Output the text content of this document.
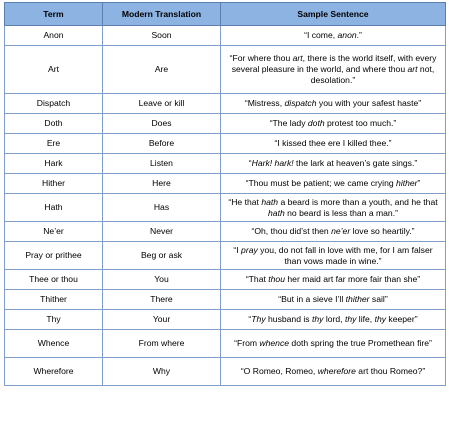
Term	Modern Translation	Sample Sentence
Anon	Soon	“I come, anon.”
Art	Are	“For where thou art, there is the world itself, with every several pleasure in the world, and where thou art not, desolation.”
Dispatch	Leave or kill	“Mistress, dispatch you with your safest haste”
Doth	Does	“The lady doth protest too much.”
Ere	Before	“I kissed thee ere I killed thee.”
Hark	Listen	“Hark! hark! the lark at heaven’s gate sings.”
Hither	Here	“Thou must be patient; we came crying hither”
Hath	Has	“He that hath a beard is more than a youth, and he that hath no beard is less than a man.”
Ne’er	Never	“Oh, thou did’st then ne’er love so heartily.”
Pray or prithee	Beg or ask	“I pray you, do not fall in love with me, for I am falser than vows made in wine.”
Thee or thou	You	“That thou her maid art far more fair than she”
Thither	There	“But in a sieve I’ll thither sail”
Thy	Your	“Thy husband is thy lord, thy life, thy keeper”
Whence	From where	“From whence doth spring the true Promethean fire”
Wherefore	Why	“O Romeo, Romeo, wherefore art thou Romeo?”
